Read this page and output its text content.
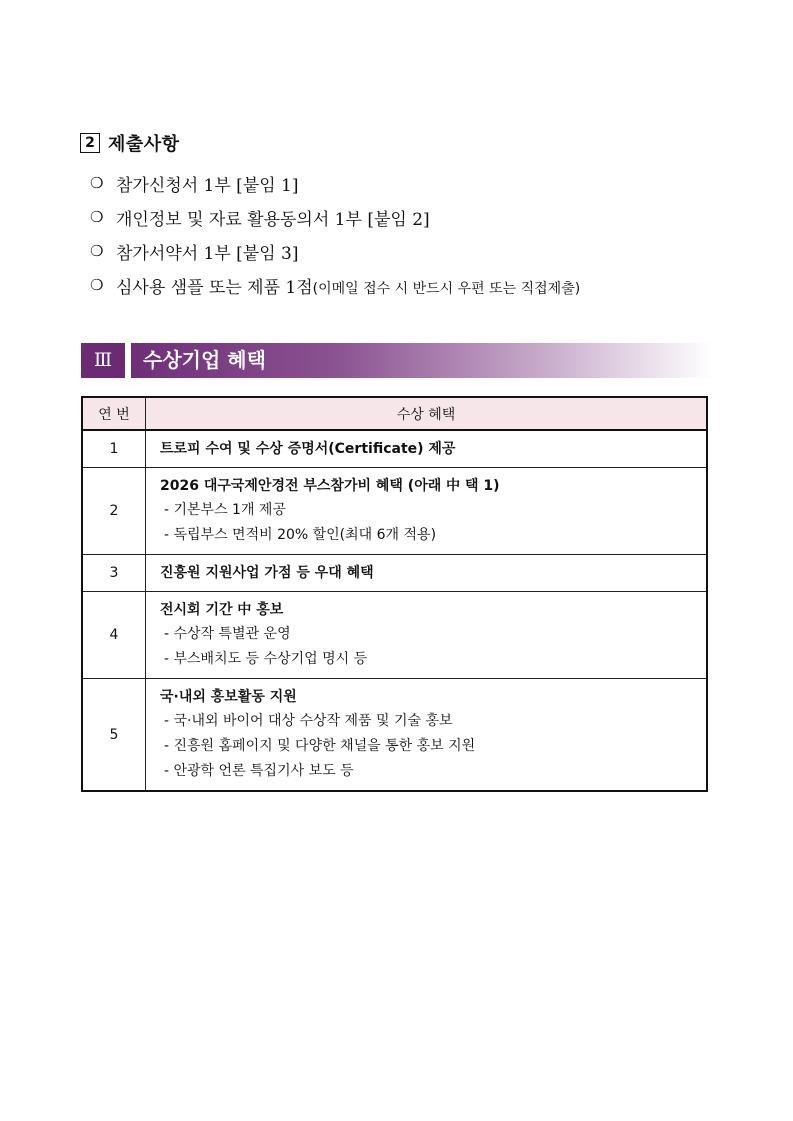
2 제출사항
❍ 참가신청서 1부 [붙임 1]
❍ 개인정보 및 자료 활용동의서 1부 [붙임 2]
❍ 참가서약서 1부 [붙임 3]
❍ 심사용 샘플 또는 제품 1점(이메일 접수 시 반드시 우편 또는 직접제출)
Ⅲ	수상기업 혜택
연 번	수상 혜택
1	트로피 수여 및 수상 증명서(Certificate) 제공

2	2026 대구국제안경전 부스참가비 혜택 (아래 中 택 1)
- 기본부스 1개 제공
- 독립부스 면적비 20% 할인(최대 6개 적용)

3	진흥원 지원사업 가점 등 우대 혜택

4	전시회 기간 中 홍보
- 수상작 특별관 운영
- 부스배치도 등 수상기업 명시 등

5	국·내외 홍보활동 지원
- 국·내외 바이어 대상 수상작 제품 및 기술 홍보
- 진흥원 홈페이지 및 다양한 채널을 통한 홍보 지원
- 안광학 언론 특집기사 보도 등
